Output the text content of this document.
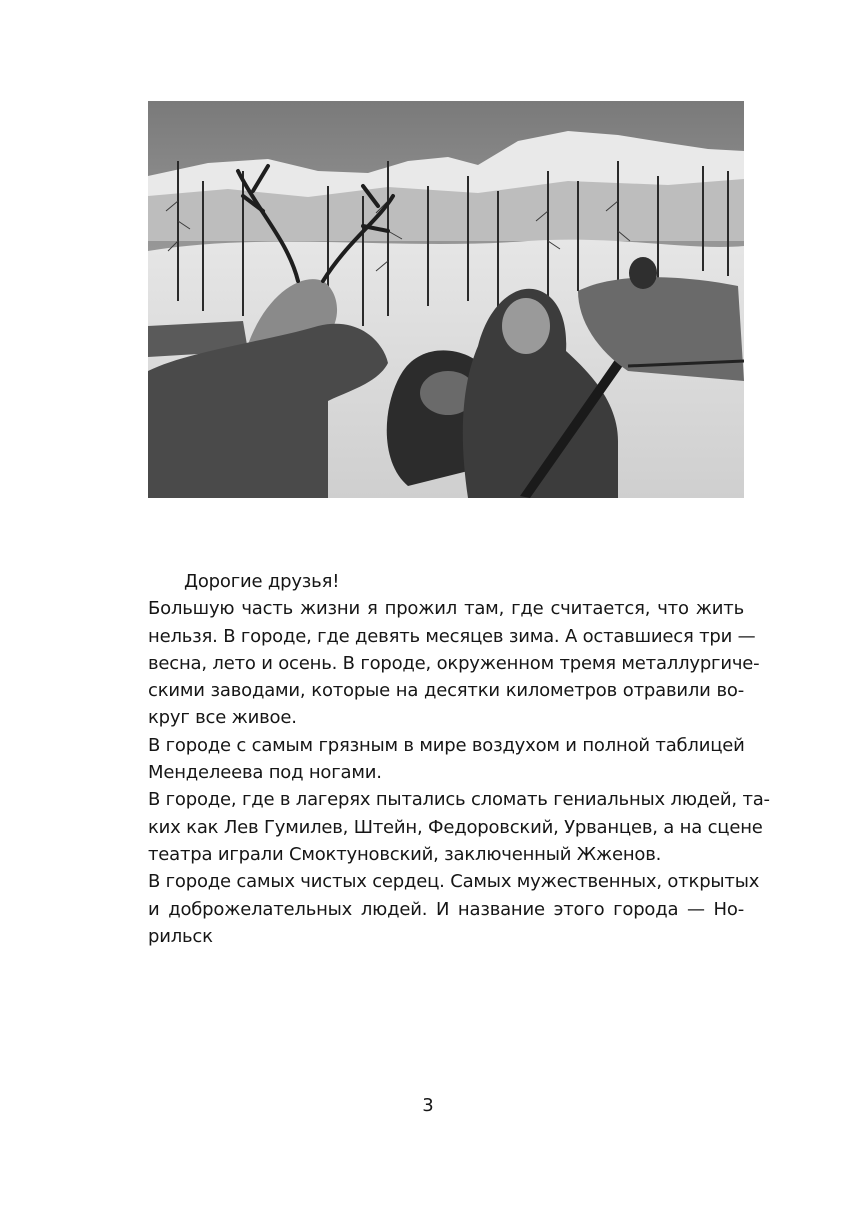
Дорогие друзья!
Большую часть жизни я прожил там, где считается, что жить
нельзя. В городе, где девять месяцев зима. А оставшиеся три —
весна, лето и осень. В городе, окруженном тремя металлургиче-
скими заводами, которые на десятки километров отравили во-
круг все живое.
В городе с самым грязным в мире воздухом и полной таблицей
Менделеева под ногами.
В городе, где в лагерях пытались сломать гениальных людей, та-
ких как Лев Гумилев, Штейн, Федоровский, Урванцев, а на сцене
театра играли Смоктуновский, заключенный Жженов.
В городе самых чистых сердец. Самых мужественных, открытых
и доброжелательных людей. И название этого города — Но-
рильск
3
